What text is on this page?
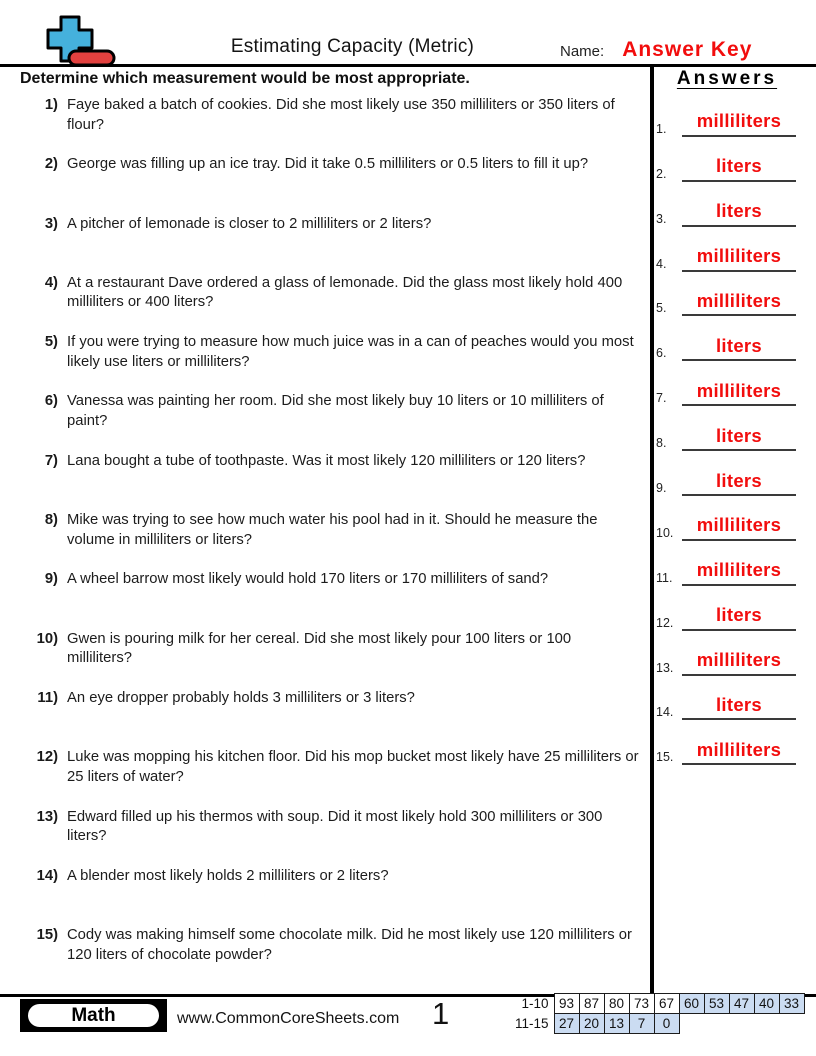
Estimating Capacity (Metric)	Name: Answer Key
Determine which measurement would be most appropriate.
1) Faye baked a batch of cookies. Did she most likely use 350 milliliters or 350 liters of flour?
2) George was filling up an ice tray. Did it take 0.5 milliliters or 0.5 liters to fill it up?
3) A pitcher of lemonade is closer to 2 milliliters or 2 liters?
4) At a restaurant Dave ordered a glass of lemonade. Did the glass most likely hold 400 milliliters or 400 liters?
5) If you were trying to measure how much juice was in a can of peaches would you most likely use liters or milliliters?
6) Vanessa was painting her room. Did she most likely buy 10 liters or 10 milliliters of paint?
7) Lana bought a tube of toothpaste. Was it most likely 120 milliliters or 120 liters?
8) Mike was trying to see how much water his pool had in it. Should he measure the volume in milliliters or liters?
9) A wheel barrow most likely would hold 170 liters or 170 milliliters of sand?
10) Gwen is pouring milk for her cereal. Did she most likely pour 100 liters or 100 milliliters?
11) An eye dropper probably holds 3 milliliters or 3 liters?
12) Luke was mopping his kitchen floor. Did his mop bucket most likely have 25 milliliters or 25 liters of water?
13) Edward filled up his thermos with soup. Did it most likely hold 300 milliliters or 300 liters?
14) A blender most likely holds 2 milliliters or 2 liters?
15) Cody was making himself some chocolate milk. Did he most likely use 120 milliliters or 120 liters of chocolate powder?
Answers
1.	milliliters
2.	liters
3.	liters
4.	milliliters
5.	milliliters
6.	liters
7.	milliliters
8.	liters
9.	liters
10.	milliliters
11.	milliliters
12.	liters
13.	milliliters
14.	liters
15.	milliliters
Math	www.CommonCoreSheets.com 1	1-10	93	87	80	73	67	60	53	47	40	33
11-15	27	20	13	7	0					
